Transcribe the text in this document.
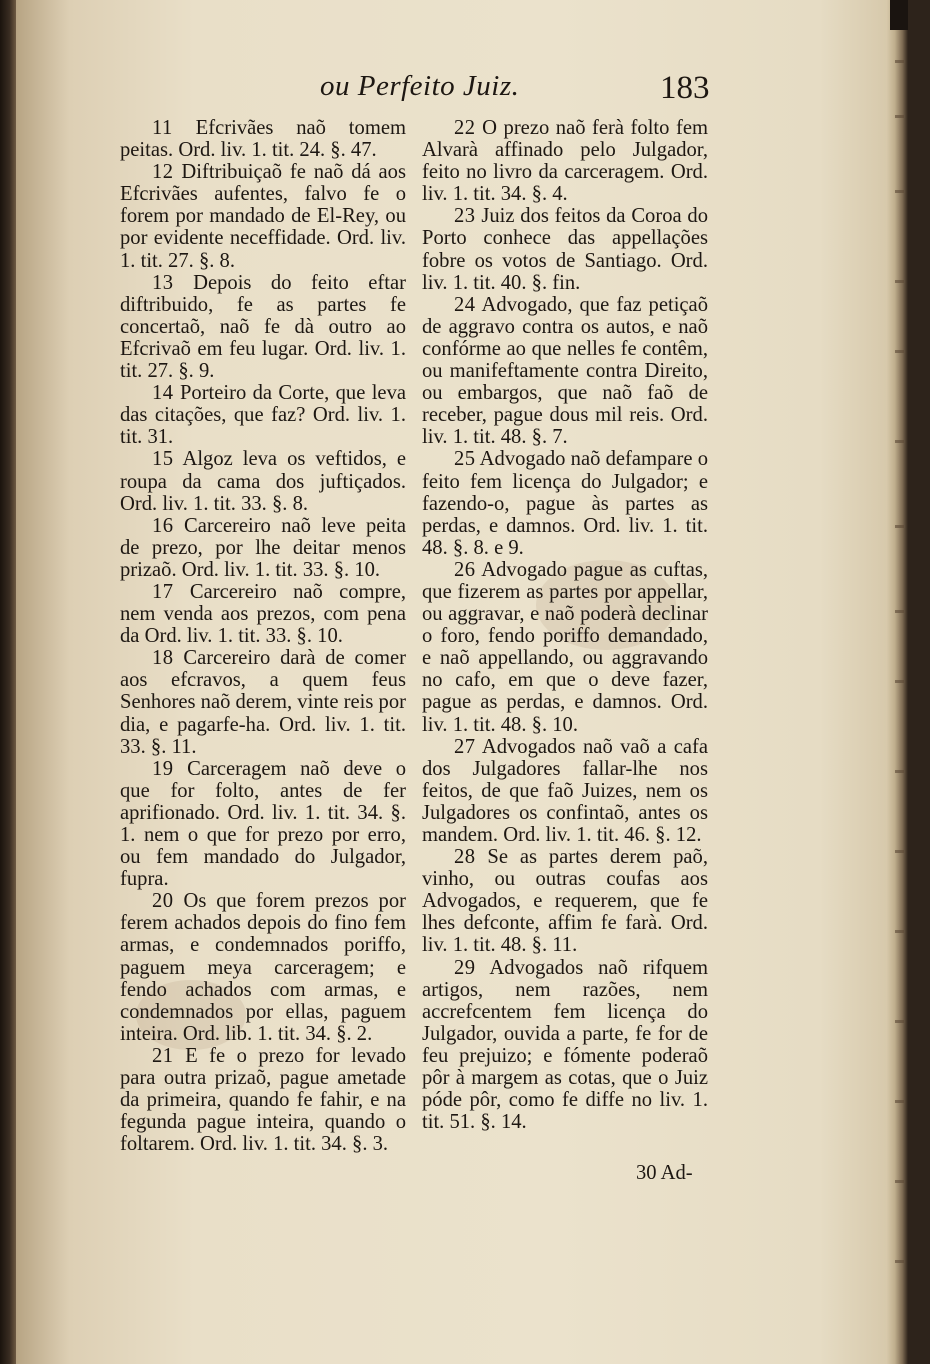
ou Perfeito Juiz.	183

11 Efcrivães naõ tomem peitas. Ord. liv. 1. tit. 24. §. 47.

12 Diftribuiçaõ fe naõ dá aos Efcrivães aufentes, falvo fe o forem por mandado de El-Rey, ou por evidente neceffidade. Ord. liv. 1. tit. 27. §. 8.

13 Depois do feito eftar diftribuido, fe as partes fe concertaõ, naõ fe dà outro ao Efcrivaõ em feu lugar. Ord. liv. 1. tit. 27. §. 9.

14 Porteiro da Corte, que leva das citações, que faz? Ord. liv. 1. tit. 31.

15 Algoz leva os veftidos, e roupa da cama dos juftiçados. Ord. liv. 1. tit. 33. §. 8.

16 Carcereiro naõ leve peita de prezo, por lhe deitar menos prizaõ. Ord. liv. 1. tit. 33. §. 10.

17 Carcereiro naõ compre, nem venda aos prezos, com pena da Ord. liv. 1. tit. 33. §. 10.

18 Carcereiro darà de comer aos efcravos, a quem feus Senhores naõ derem, vinte reis por dia, e pagarfe-ha. Ord. liv. 1. tit. 33. §. 11.

19 Carceragem naõ deve o que for folto, antes de fer aprifionado. Ord. liv. 1. tit. 34. §. 1. nem o que for prezo por erro, ou fem mandado do Julgador, fupra.

20 Os que forem prezos por ferem achados depois do fino fem armas, e condemnados poriffo, paguem meya carceragem; e fendo achados com armas, e condemnados por ellas, paguem inteira. Ord. lib. 1. tit. 34. §. 2.

21 E fe o prezo for levado para outra prizaõ, pague ametade da primeira, quando fe fahir, e na fegunda pague inteira, quando o foltarem. Ord. liv. 1. tit. 34. §. 3.

22 O prezo naõ ferà folto fem Alvarà affinado pelo Julgador, feito no livro da carceragem. Ord. liv. 1. tit. 34. §. 4.

23 Juiz dos feitos da Coroa do Porto conhece das appellações fobre os votos de Santiago. Ord. liv. 1. tit. 40. §. fin.

24 Advogado, que faz petiçaõ de aggravo contra os autos, e naõ confórme ao que nelles fe contêm, ou manifeftamente contra Direito, ou embargos, que naõ faõ de receber, pague dous mil reis. Ord. liv. 1. tit. 48. §. 7.

25 Advogado naõ defampare o feito fem licença do Julgador; e fazendo-o, pague às partes as perdas, e damnos. Ord. liv. 1. tit. 48. §. 8. e 9.

26 Advogado pague as cuftas, que fizerem as partes por appellar, ou aggravar, e naõ poderà declinar o foro, fendo poriffo demandado, e naõ appellando, ou aggravando no cafo, em que o deve fazer, pague as perdas, e damnos. Ord. liv. 1. tit. 48. §. 10.

27 Advogados naõ vaõ a cafa dos Julgadores fallar-lhe nos feitos, de que faõ Juizes, nem os Julgadores os confintaõ, antes os mandem. Ord. liv. 1. tit. 46. §. 12.

28 Se as partes derem paõ, vinho, ou outras coufas aos Advogados, e requerem, que fe lhes defconte, affim fe farà. Ord. liv. 1. tit. 48. §. 11.

29 Advogados naõ rifquem artigos, nem razões, nem accrefcentem fem licença do Julgador, ouvida a parte, fe for de feu prejuizo; e fómente poderaõ pôr à margem as cotas, que o Juiz póde pôr, como fe diffe no liv. 1. tit. 51. §. 14.

30 Ad-
